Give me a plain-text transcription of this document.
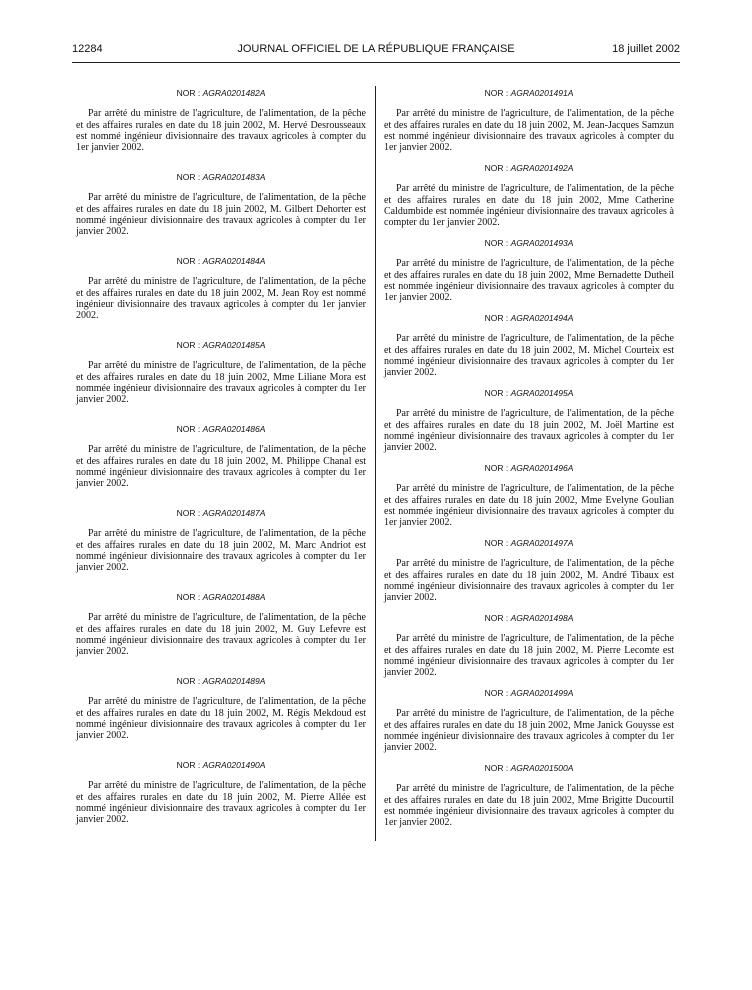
12284	JOURNAL OFFICIEL DE LA RÉPUBLIQUE FRANÇAISE	18 juillet 2002
NOR : AGRA0201482A

Par arrêté du ministre de l'agriculture, de l'alimentation, de la pêche et des affaires rurales en date du 18 juin 2002, M. Hervé Desrousseaux est nommé ingénieur divisionnaire des travaux agricoles à compter du 1er janvier 2002.

NOR : AGRA0201483A

Par arrêté du ministre de l'agriculture, de l'alimentation, de la pêche et des affaires rurales en date du 18 juin 2002, M. Gilbert Dehorter est nommé ingénieur divisionnaire des travaux agricoles à compter du 1er janvier 2002.

NOR : AGRA0201484A

Par arrêté du ministre de l'agriculture, de l'alimentation, de la pêche et des affaires rurales en date du 18 juin 2002, M. Jean Roy est nommé ingénieur divisionnaire des travaux agricoles à compter du 1er janvier 2002.

NOR : AGRA0201485A

Par arrêté du ministre de l'agriculture, de l'alimentation, de la pêche et des affaires rurales en date du 18 juin 2002, Mme Liliane Mora est nommée ingénieur divisionnaire des travaux agricoles à compter du 1er janvier 2002.

NOR : AGRA0201486A

Par arrêté du ministre de l'agriculture, de l'alimentation, de la pêche et des affaires rurales en date du 18 juin 2002, M. Philippe Chanal est nommé ingénieur divisionnaire des travaux agricoles à compter du 1er janvier 2002.

NOR : AGRA0201487A

Par arrêté du ministre de l'agriculture, de l'alimentation, de la pêche et des affaires rurales en date du 18 juin 2002, M. Marc Andriot est nommé ingénieur divisionnaire des travaux agricoles à compter du 1er janvier 2002.

NOR : AGRA0201488A

Par arrêté du ministre de l'agriculture, de l'alimentation, de la pêche et des affaires rurales en date du 18 juin 2002, M. Guy Lefevre est nommé ingénieur divisionnaire des travaux agricoles à compter du 1er janvier 2002.

NOR : AGRA0201489A

Par arrêté du ministre de l'agriculture, de l'alimentation, de la pêche et des affaires rurales en date du 18 juin 2002, M. Régis Mekdoud est nommé ingénieur divisionnaire des travaux agricoles à compter du 1er janvier 2002.

NOR : AGRA0201490A

Par arrêté du ministre de l'agriculture, de l'alimentation, de la pêche et des affaires rurales en date du 18 juin 2002, M. Pierre Allée est nommé ingénieur divisionnaire des travaux agricoles à compter du 1er janvier 2002.

NOR : AGRA0201491A

Par arrêté du ministre de l'agriculture, de l'alimentation, de la pêche et des affaires rurales en date du 18 juin 2002, M. Jean-Jacques Samzun est nommé ingénieur divisionnaire des travaux agricoles à compter du 1er janvier 2002.

NOR : AGRA0201492A

Par arrêté du ministre de l'agriculture, de l'alimentation, de la pêche et des affaires rurales en date du 18 juin 2002, Mme Catherine Caldumbide est nommée ingénieur divisionnaire des travaux agricoles à compter du 1er janvier 2002.

NOR : AGRA0201493A

Par arrêté du ministre de l'agriculture, de l'alimentation, de la pêche et des affaires rurales en date du 18 juin 2002, Mme Bernadette Dutheil est nommée ingénieur divisionnaire des travaux agricoles à compter du 1er janvier 2002.

NOR : AGRA0201494A

Par arrêté du ministre de l'agriculture, de l'alimentation, de la pêche et des affaires rurales en date du 18 juin 2002, M. Michel Courteix est nommé ingénieur divisionnaire des travaux agricoles à compter du 1er janvier 2002.

NOR : AGRA0201495A

Par arrêté du ministre de l'agriculture, de l'alimentation, de la pêche et des affaires rurales en date du 18 juin 2002, M. Joël Martine est nommé ingénieur divisionnaire des travaux agricoles à compter du 1er janvier 2002.

NOR : AGRA0201496A

Par arrêté du ministre de l'agriculture, de l'alimentation, de la pêche et des affaires rurales en date du 18 juin 2002, Mme Evelyne Goulian est nommée ingénieur divisionnaire des travaux agricoles à compter du 1er janvier 2002.

NOR : AGRA0201497A

Par arrêté du ministre de l'agriculture, de l'alimentation, de la pêche et des affaires rurales en date du 18 juin 2002, M. André Tibaux est nommé ingénieur divisionnaire des travaux agricoles à compter du 1er janvier 2002.

NOR : AGRA0201498A

Par arrêté du ministre de l'agriculture, de l'alimentation, de la pêche et des affaires rurales en date du 18 juin 2002, M. Pierre Lecomte est nommé ingénieur divisionnaire des travaux agricoles à compter du 1er janvier 2002.

NOR : AGRA0201499A

Par arrêté du ministre de l'agriculture, de l'alimentation, de la pêche et des affaires rurales en date du 18 juin 2002, Mme Janick Gouysse est nommée ingénieur divisionnaire des travaux agricoles à compter du 1er janvier 2002.

NOR : AGRA0201500A

Par arrêté du ministre de l'agriculture, de l'alimentation, de la pêche et des affaires rurales en date du 18 juin 2002, Mme Brigitte Ducourtil est nommée ingénieur divisionnaire des travaux agricoles à compter du 1er janvier 2002.
